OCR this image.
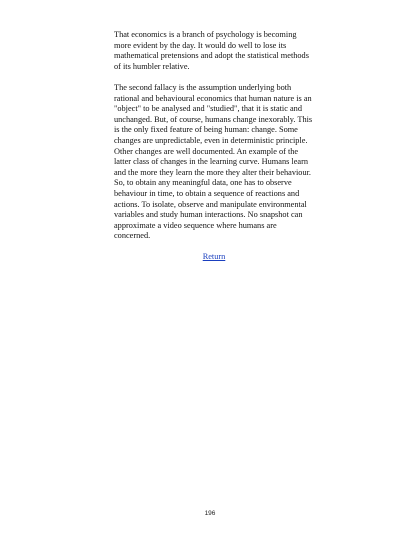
That economics is a branch of psychology is becoming more evident by the day. It would do well to lose its mathematical pretensions and adopt the statistical methods of its humbler relative.

The second fallacy is the assumption underlying both rational and behavioural economics that human nature is an "object" to be analysed and "studied", that it is static and unchanged. But, of course, humans change inexorably. This is the only fixed feature of being human: change. Some changes are unpredictable, even in deterministic principle. Other changes are well documented. An example of the latter class of changes in the learning curve. Humans learn and the more they learn the more they alter their behaviour. So, to obtain any meaningful data, one has to observe behaviour in time, to obtain a sequence of reactions and actions. To isolate, observe and manipulate environmental variables and study human interactions. No snapshot can approximate a video sequence where humans are concerned.

Return
196
